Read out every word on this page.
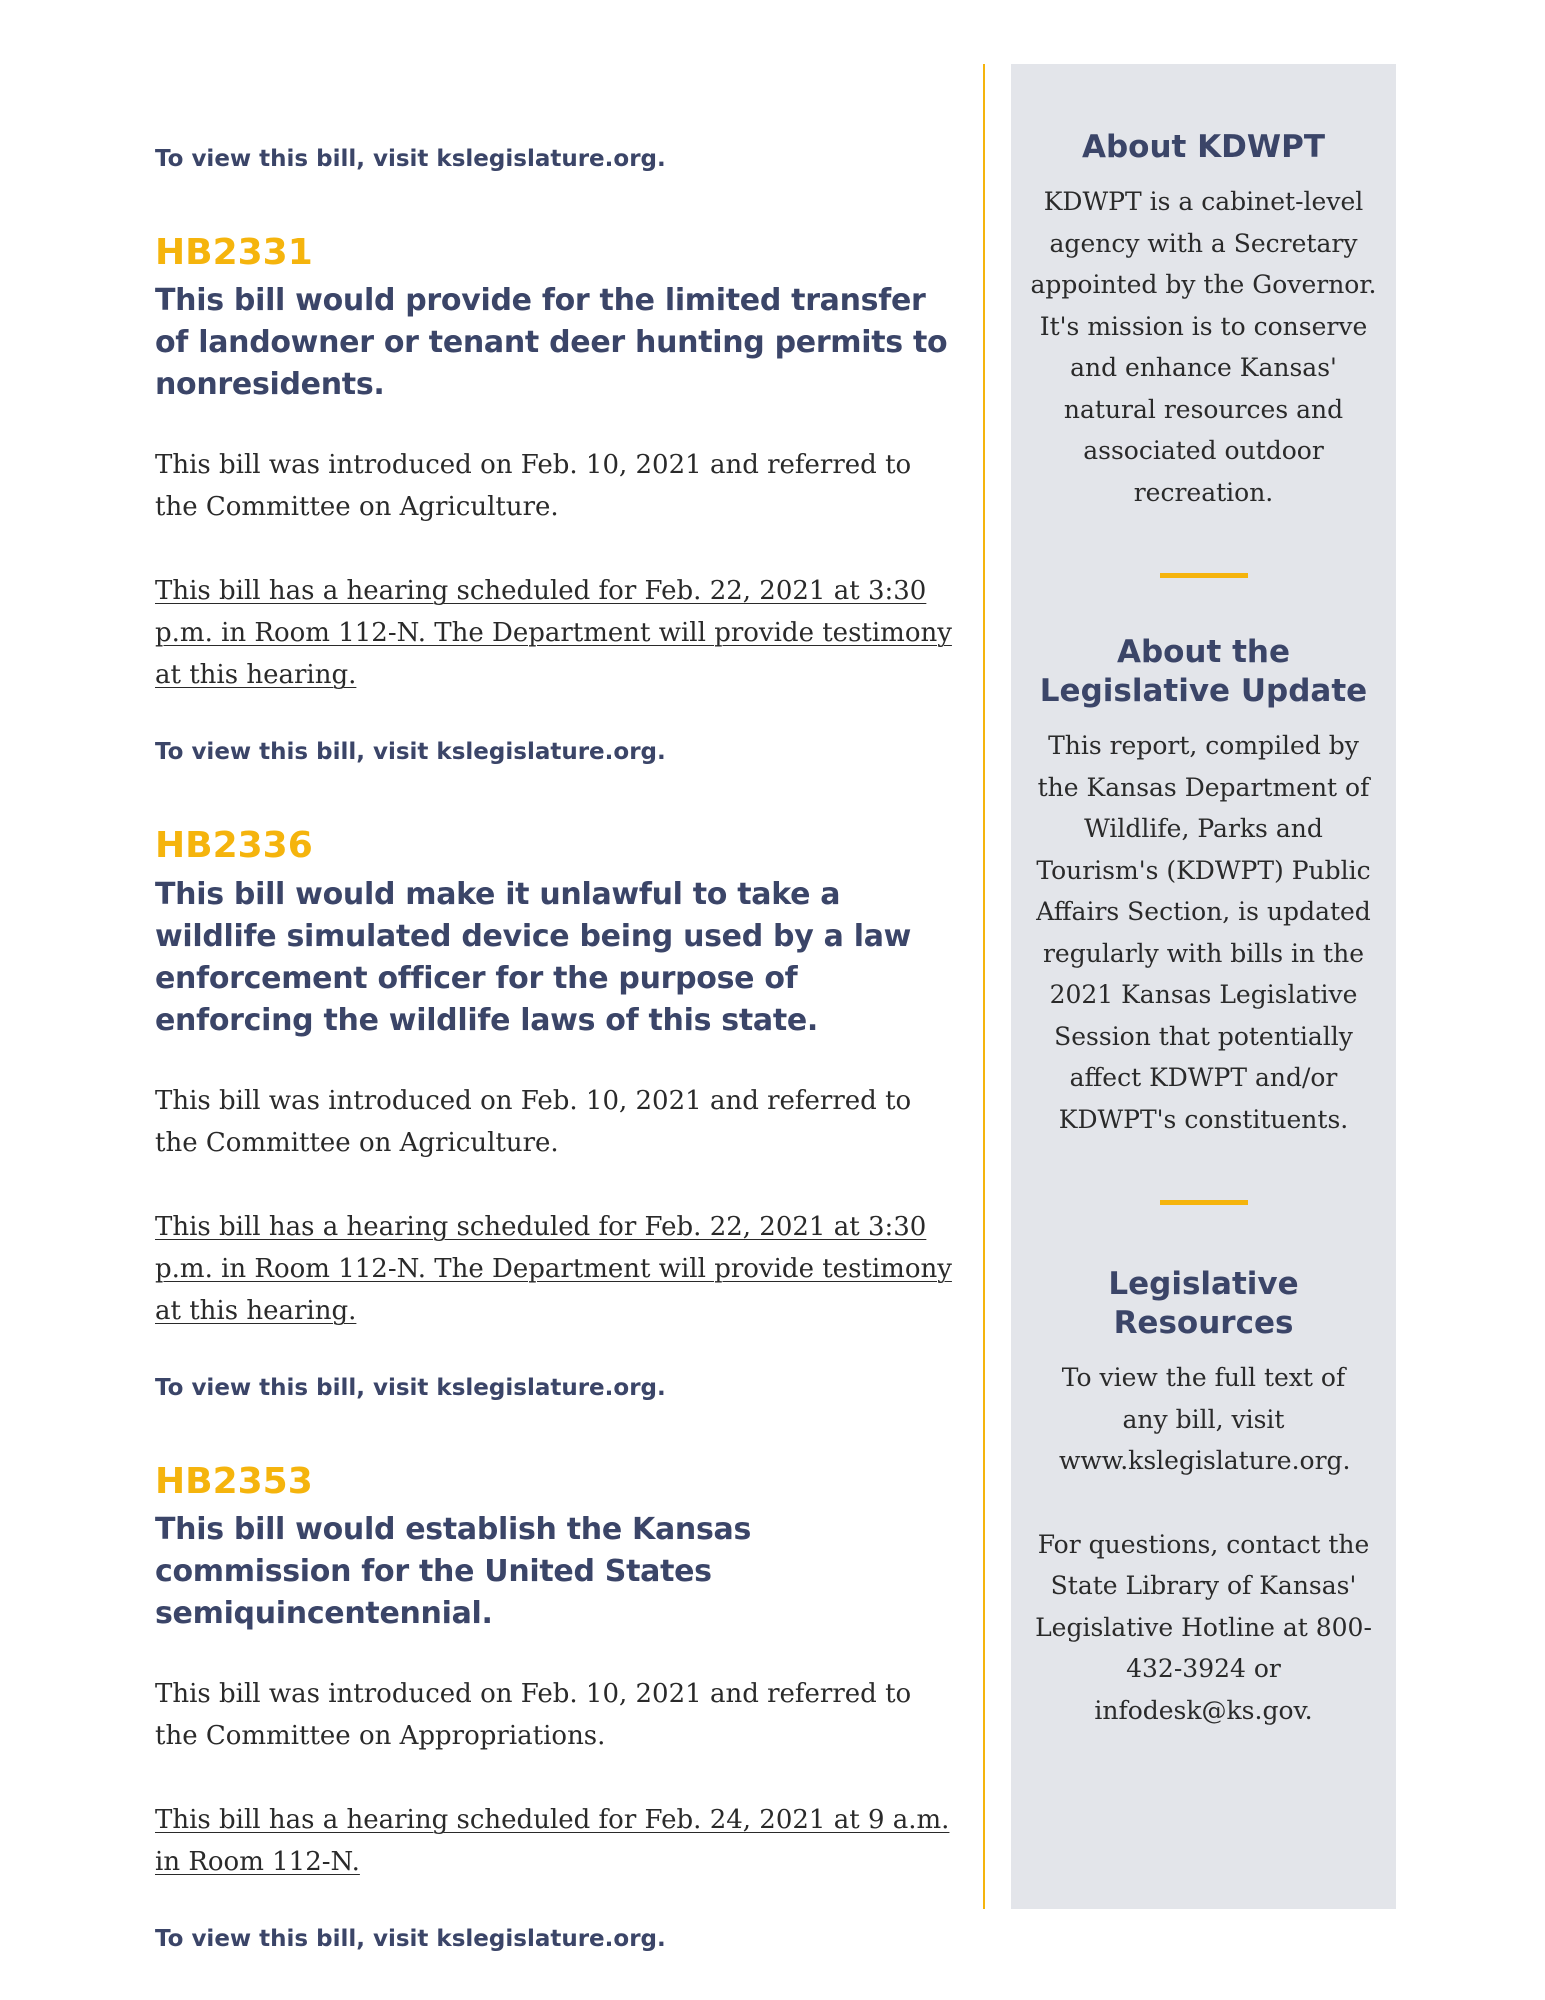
To view this bill, visit kslegislature.org.

HB2331

This bill would provide for the limited transfer of landowner or tenant deer hunting permits to nonresidents.

This bill was introduced on Feb. 10, 2021 and referred to the Committee on Agriculture.

This bill has a hearing scheduled for Feb. 22, 2021 at 3:30 p.m. in Room 112-N. The Department will provide testimony at this hearing.

To view this bill, visit kslegislature.org.

HB2336

This bill would make it unlawful to take a wildlife simulated device being used by a law enforcement officer for the purpose of enforcing the wildlife laws of this state.

This bill was introduced on Feb. 10, 2021 and referred to the Committee on Agriculture.

This bill has a hearing scheduled for Feb. 22, 2021 at 3:30 p.m. in Room 112-N. The Department will provide testimony at this hearing.

To view this bill, visit kslegislature.org.

HB2353

This bill would establish the Kansas commission for the United States semiquincentennial.

This bill was introduced on Feb. 10, 2021 and referred to the Committee on Appropriations.

This bill has a hearing scheduled for Feb. 24, 2021 at 9 a.m. in Room 112-N.

To view this bill, visit kslegislature.org.

About KDWPT

KDWPT is a cabinet-level agency with a Secretary appointed by the Governor. It's mission is to conserve and enhance Kansas' natural resources and associated outdoor recreation.

About the Legislative Update

This report, compiled by the Kansas Department of Wildlife, Parks and Tourism's (KDWPT) Public Affairs Section, is updated regularly with bills in the 2021 Kansas Legislative Session that potentially affect KDWPT and/or KDWPT's constituents.

Legislative Resources

To view the full text of any bill, visit www.kslegislature.org.

For questions, contact the State Library of Kansas' Legislative Hotline at 800-432-3924 or infodesk@ks.gov.
